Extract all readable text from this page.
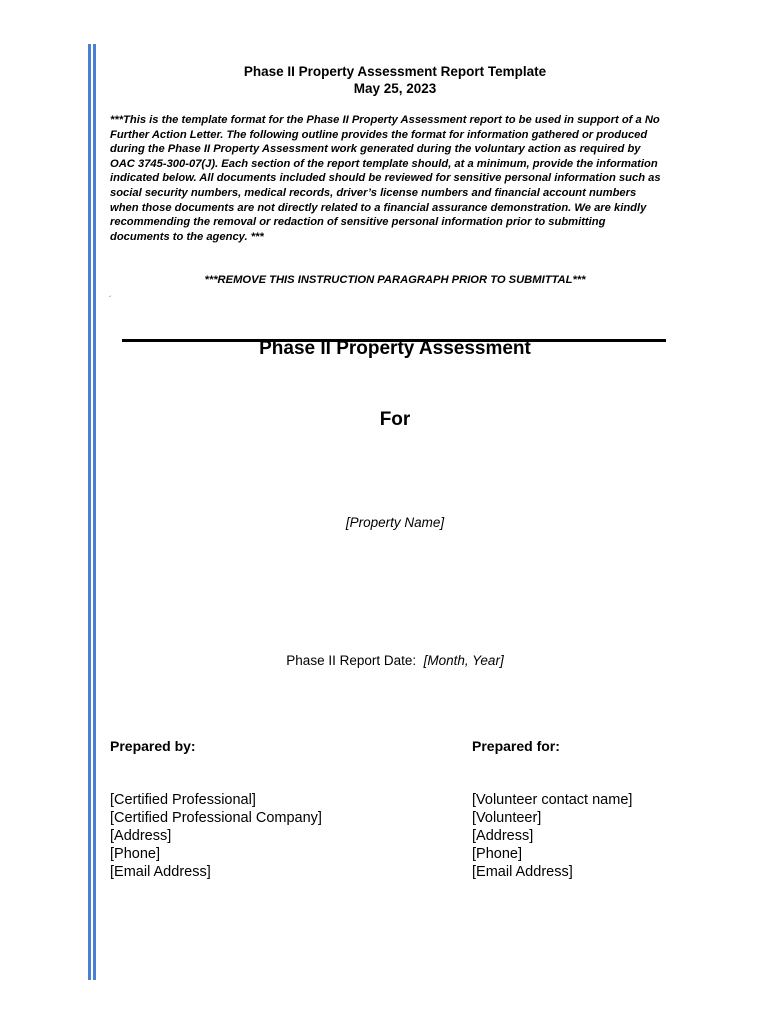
Phase II Property Assessment Report Template
May 25, 2023
***This is the template format for the Phase II Property Assessment report to be used in support of a No Further Action Letter. The following outline provides the format for information gathered or produced during the Phase II Property Assessment work generated during the voluntary action as required by OAC 3745-300-07(J). Each section of the report template should, at a minimum, provide the information indicated below. All documents included should be reviewed for sensitive personal information such as social security numbers, medical records, driver’s license numbers and financial account numbers when those documents are not directly related to a financial assurance demonstration. We are kindly recommending the removal or redaction of sensitive personal information prior to submitting documents to the agency. ***
***REMOVE THIS INSTRUCTION PARAGRAPH PRIOR TO SUBMITTAL***
´
Phase II Property Assessment
For
[Property Name]
Phase II Report Date: [Month, Year]
Prepared by:	Prepared for:
[Certified Professional]
[Certified Professional Company]
[Address]
[Phone]
[Email Address]
[Volunteer contact name]
[Volunteer]
[Address]
[Phone]
[Email Address]
